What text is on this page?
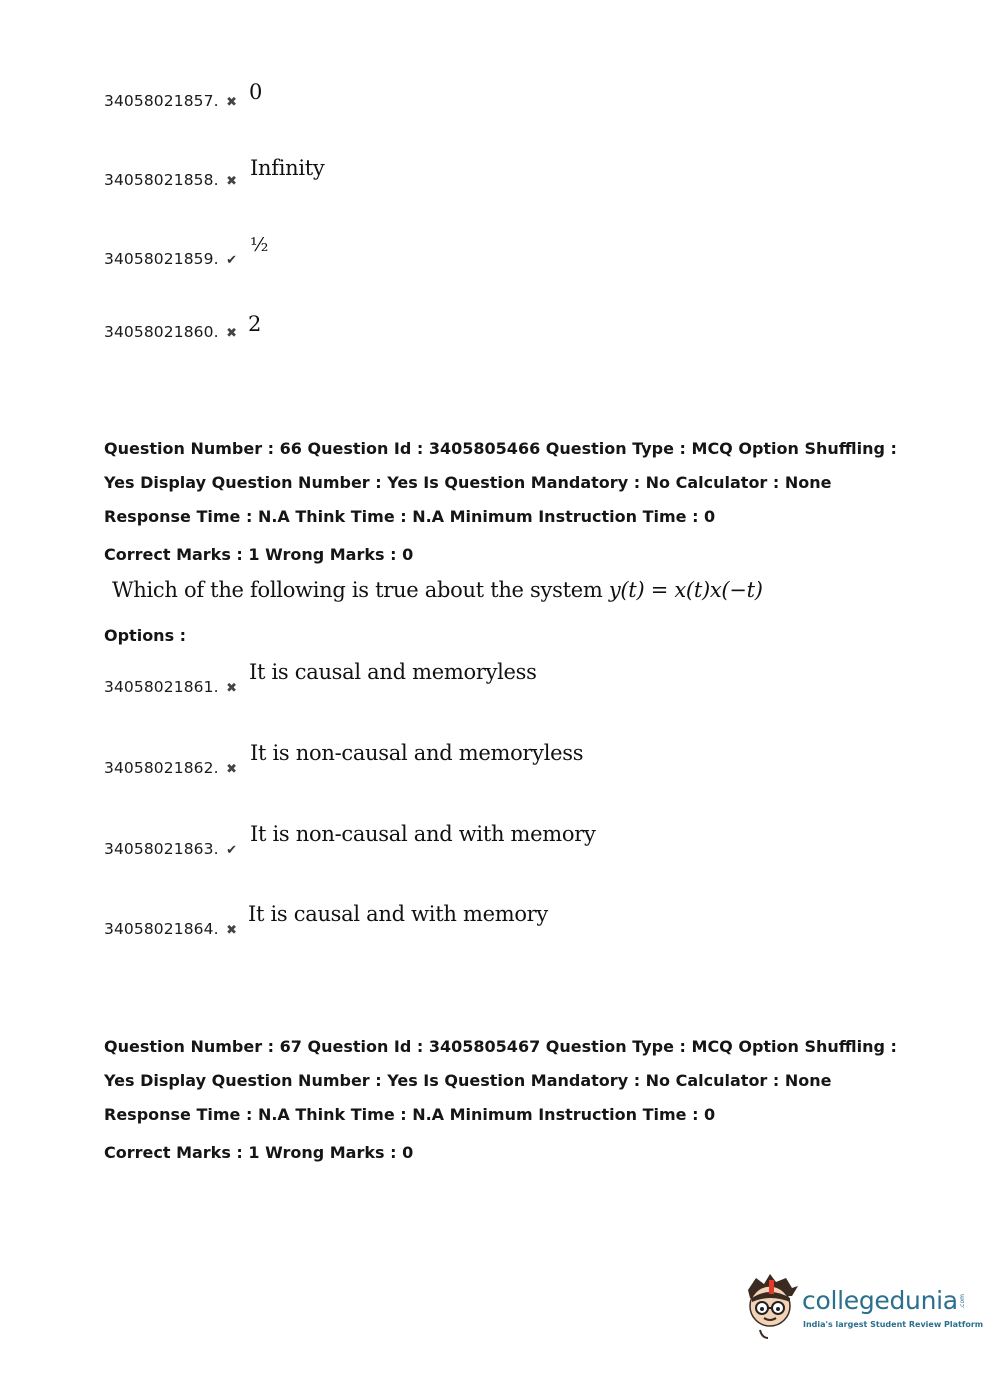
34058021857. ✖ 0
34058021858. ✖
Infinity
34058021859. ✔
½
34058021860. ✖ 2
Question Number : 66 Question Id : 3405805466 Question Type : MCQ Option Shuffling : Yes Display Question Number : Yes Is Question Mandatory : No Calculator : None Response Time : N.A Think Time : N.A Minimum Instruction Time : 0
Correct Marks : 1 Wrong Marks : 0
Which of the following is true about the system y(t) = x(t)x(−t)
Options :
34058021861. ✖
It is causal and memoryless
34058021862. ✖
It is non-causal and memoryless
34058021863. ✔
It is non-causal and with memory
34058021864. ✖
It is causal and with memory
Question Number : 67 Question Id : 3405805467 Question Type : MCQ Option Shuffling : Yes Display Question Number : Yes Is Question Mandatory : No Calculator : None Response Time : N.A Think Time : N.A Minimum Instruction Time : 0
Correct Marks : 1 Wrong Marks : 0
collegedunia .com
India's largest Student Review Platform
